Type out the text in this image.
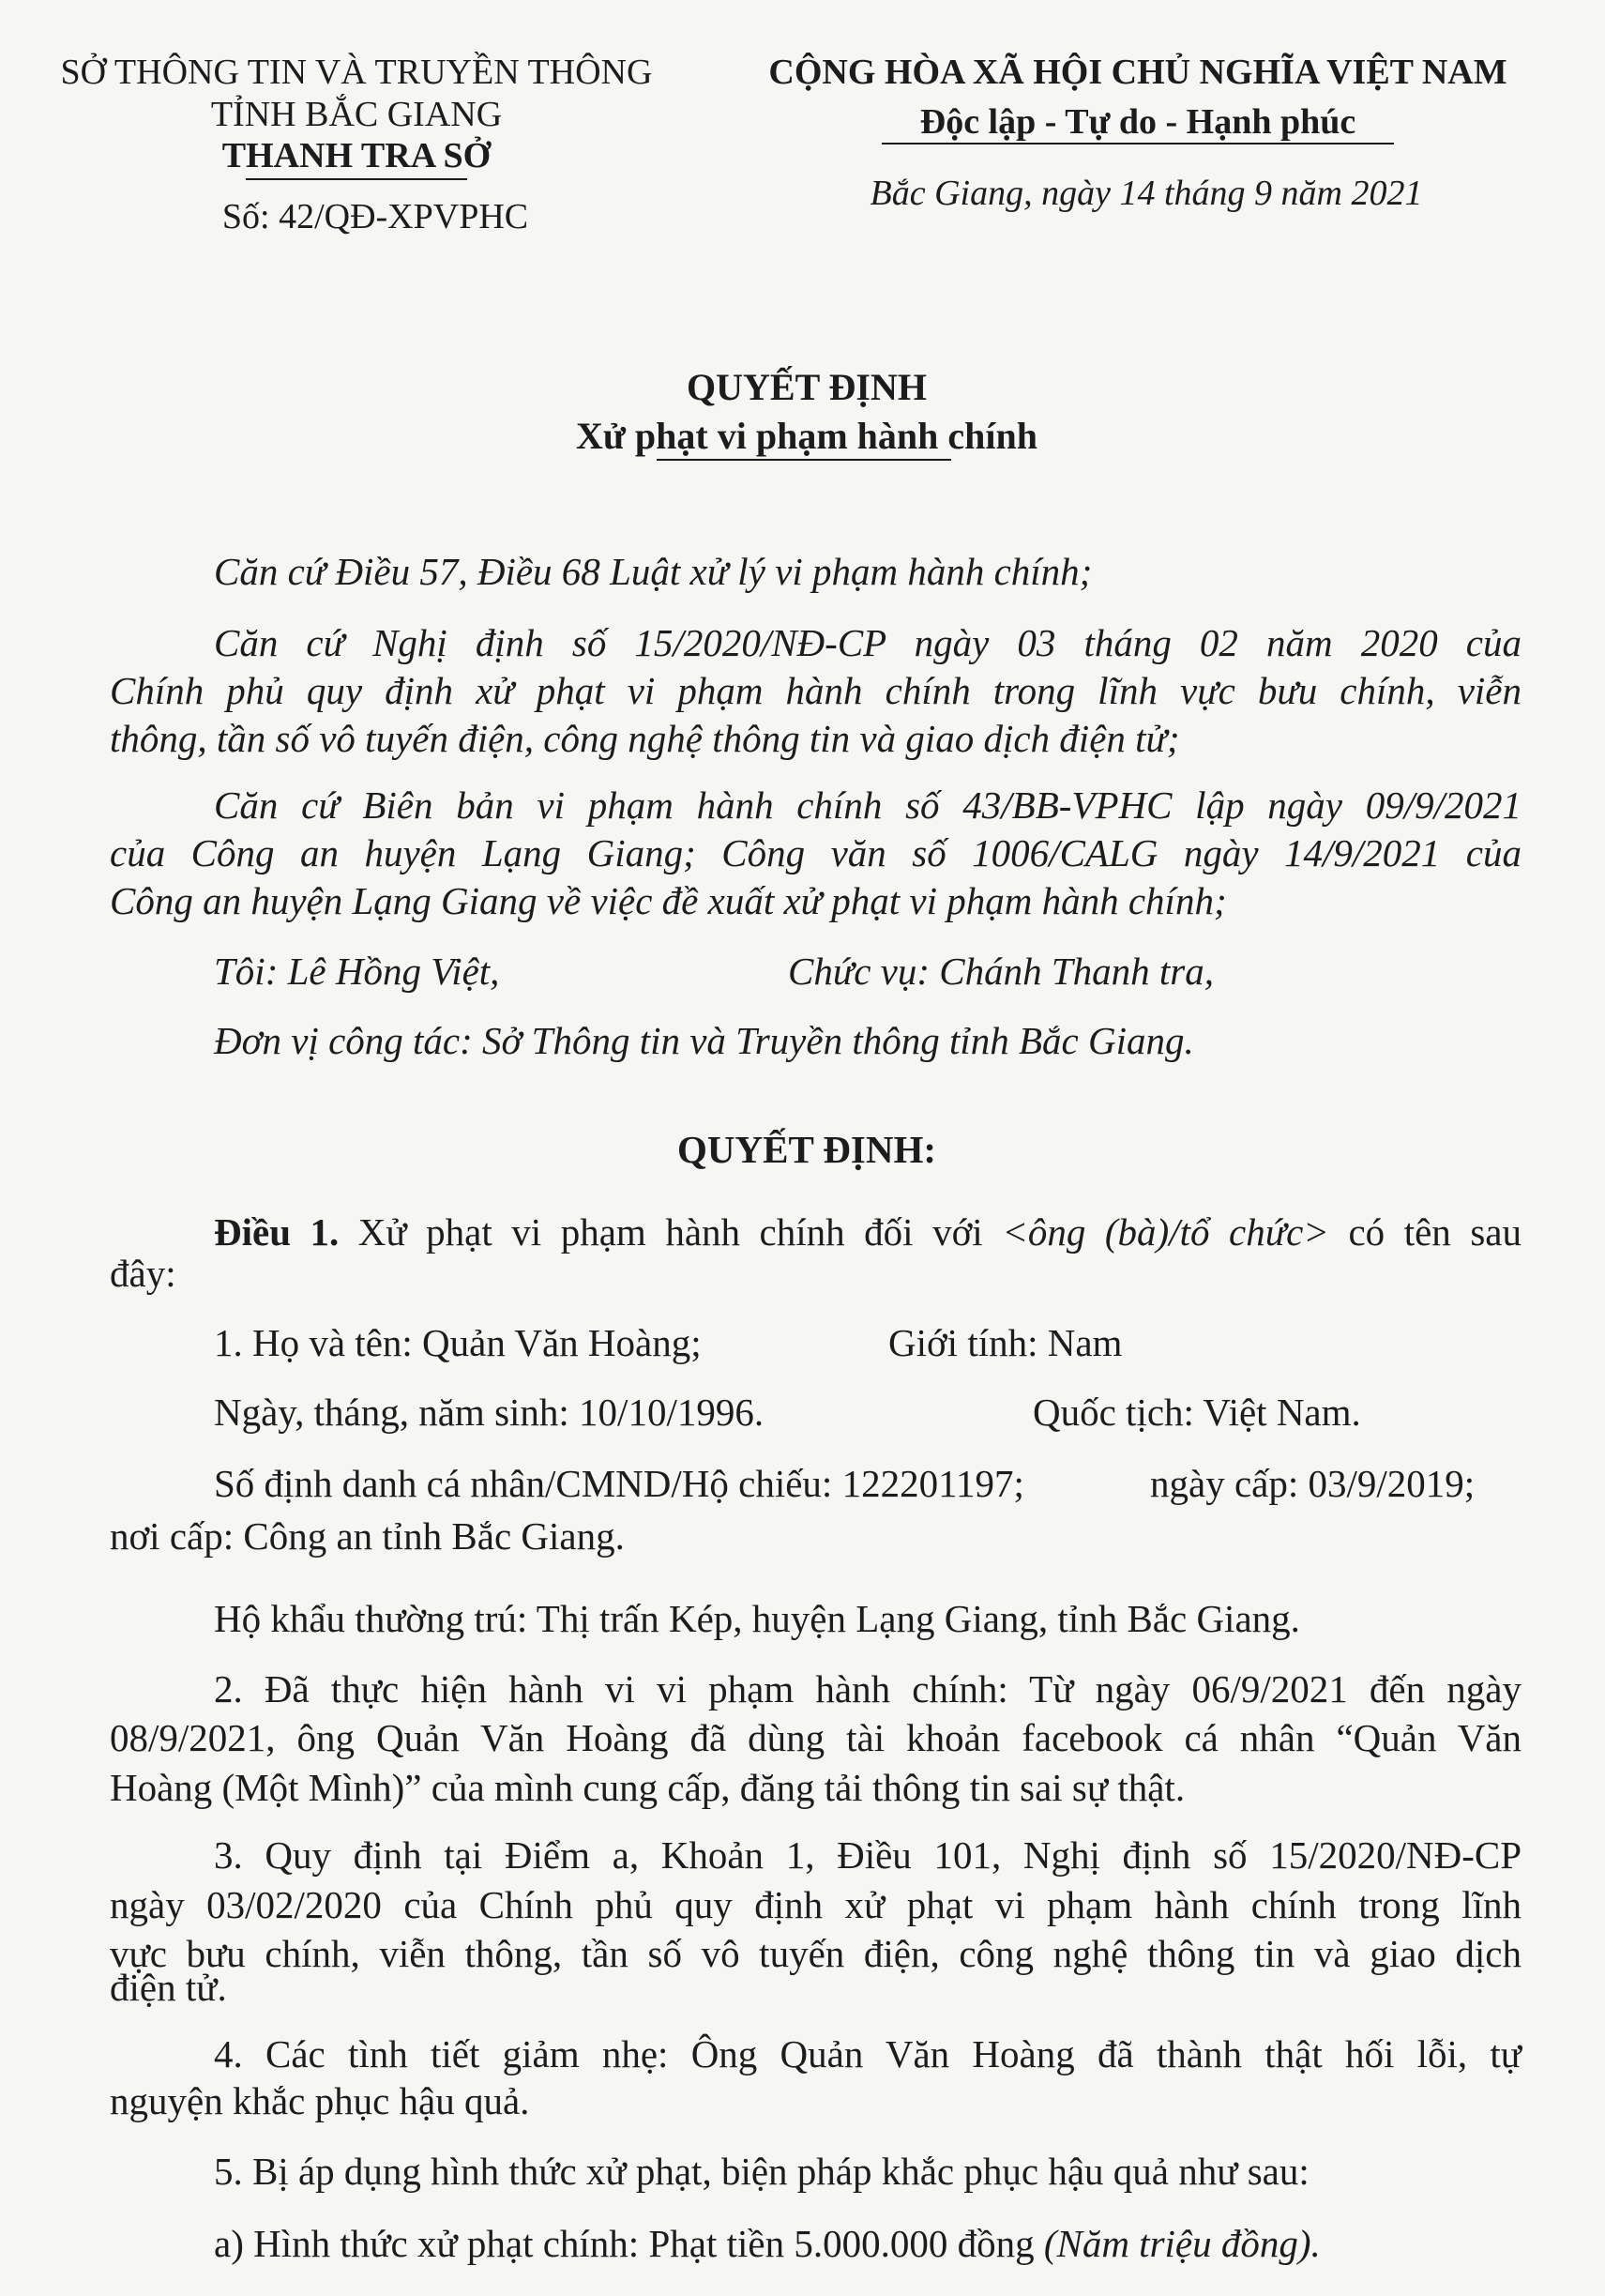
SỞ THÔNG TIN VÀ TRUYỀN THÔNG
TỈNH BẮC GIANG
THANH TRA SỞ
Số: 42/QĐ-XPVPHC
CỘNG HÒA XÃ HỘI CHỦ NGHĨA VIỆT NAM
Độc lập - Tự do - Hạnh phúc
Bắc Giang, ngày 14 tháng 9 năm 2021
QUYẾT ĐỊNH
Xử phạt vi phạm hành chính
Căn cứ Điều 57, Điều 68 Luật xử lý vi phạm hành chính;
Căn cứ Nghị định số 15/2020/NĐ-CP ngày 03 tháng 02 năm 2020 của
Chính phủ quy định xử phạt vi phạm hành chính trong lĩnh vực bưu chính, viễn
thông, tần số vô tuyến điện, công nghệ thông tin và giao dịch điện tử;
Căn cứ Biên bản vi phạm hành chính số 43/BB-VPHC lập ngày 09/9/2021
của Công an huyện Lạng Giang; Công văn số 1006/CALG ngày 14/9/2021 của
Công an huyện Lạng Giang về việc đề xuất xử phạt vi phạm hành chính;
Tôi: Lê Hồng Việt,	Chức vụ: Chánh Thanh tra,
Đơn vị công tác: Sở Thông tin và Truyền thông tỉnh Bắc Giang.
QUYẾT ĐỊNH:
Điều 1. Xử phạt vi phạm hành chính đối với <ông (bà)/tổ chức> có tên sau
đây:
1. Họ và tên: Quản Văn Hoàng;	Giới tính: Nam
Ngày, tháng, năm sinh: 10/10/1996.	Quốc tịch: Việt Nam.
Số định danh cá nhân/CMND/Hộ chiếu: 122201197;	ngày cấp: 03/9/2019;
nơi cấp: Công an tỉnh Bắc Giang.
Hộ khẩu thường trú: Thị trấn Kép, huyện Lạng Giang, tỉnh Bắc Giang.
2. Đã thực hiện hành vi vi phạm hành chính: Từ ngày 06/9/2021 đến ngày
08/9/2021, ông Quản Văn Hoàng đã dùng tài khoản facebook cá nhân “Quản Văn
Hoàng (Một Mình)” của mình cung cấp, đăng tải thông tin sai sự thật.
3. Quy định tại Điểm a, Khoản 1, Điều 101, Nghị định số 15/2020/NĐ-CP
ngày 03/02/2020 của Chính phủ quy định xử phạt vi phạm hành chính trong lĩnh
vực bưu chính, viễn thông, tần số vô tuyến điện, công nghệ thông tin và giao dịch
điện tử.
4. Các tình tiết giảm nhẹ: Ông Quản Văn Hoàng đã thành thật hối lỗi, tự
nguyện khắc phục hậu quả.
5. Bị áp dụng hình thức xử phạt, biện pháp khắc phục hậu quả như sau:
a) Hình thức xử phạt chính: Phạt tiền 5.000.000 đồng (Năm triệu đồng).
